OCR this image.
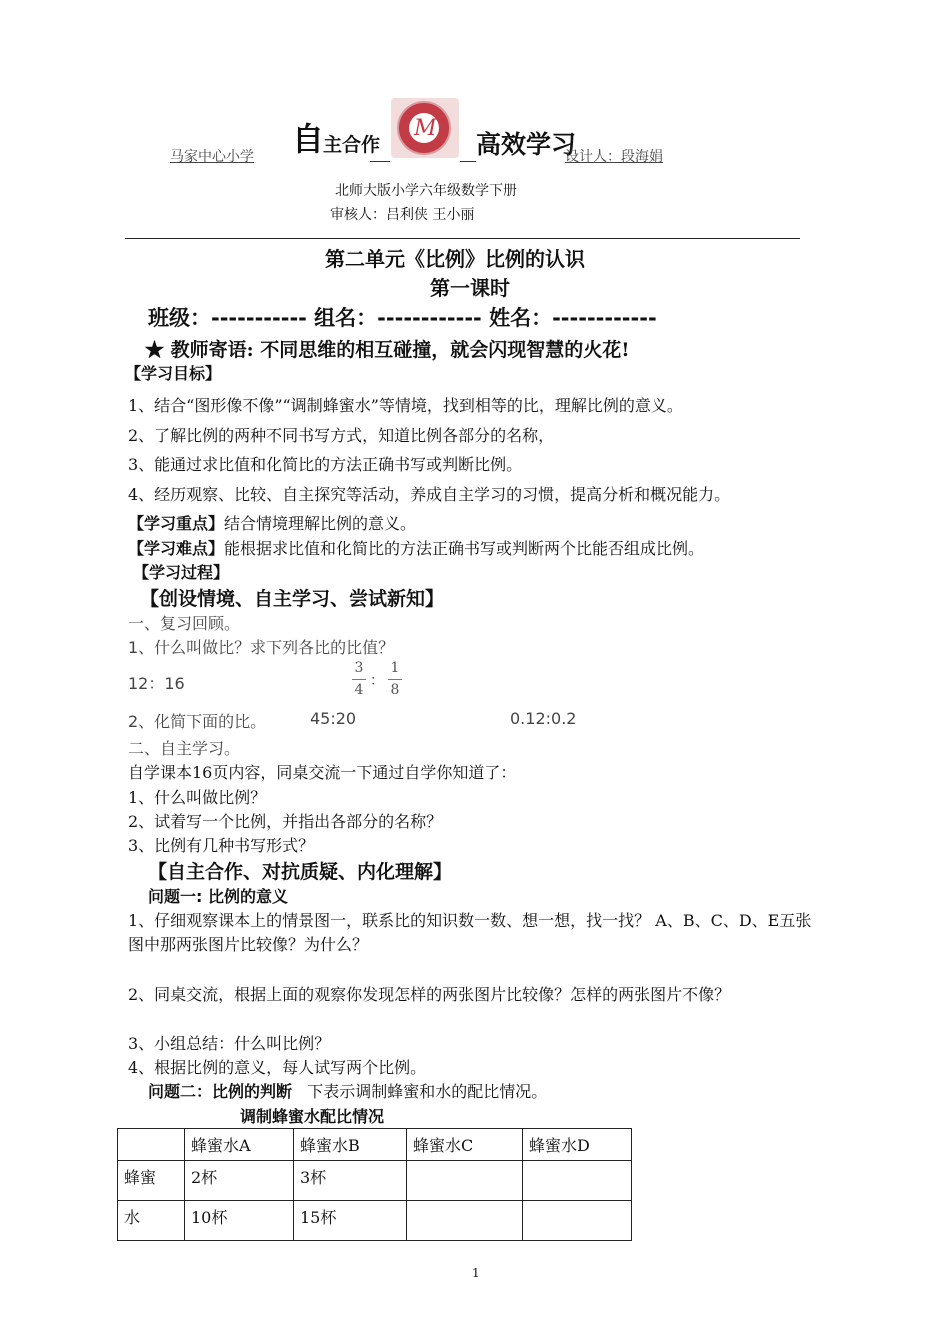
马家中心小学 自
主合作
M
高效学习
设计人：段海娟
北师大版小学六年级数学下册
审核人：吕利侠 王小丽
第二单元《比例》比例的认识
第一课时
班级：----------- 组名：------------ 姓名：------------
★ 教师寄语: 不同思维的相互碰撞，就会闪现智慧的火花!
【学习目标】
1、结合“图形像不像”“调制蜂蜜水”等情境，找到相等的比，理解比例的意义。
2、了解比例的两种不同书写方式，知道比例各部分的名称，
3、能通过求比值和化简比的方法正确书写或判断比例。
4、经历观察、比较、自主探究等活动，养成自主学习的习惯，提高分析和概况能力。
【学习重点】结合情境理解比例的意义。
【学习难点】能根据求比值和化简比的方法正确书写或判断两个比能否组成比例。
【学习过程】
【创设情境、自主学习、尝试新知】
一、复习回顾。
1、什么叫做比？求下列各比的比值？
12：16
3
4
：
1
8
2、化简下面的比。	45:20	0.12:0.2
二、自主学习。
自学课本16页内容，同桌交流一下通过自学你知道了：
1、什么叫做比例？
2、试着写一个比例，并指出各部分的名称？
3、比例有几种书写形式？
【自主合作、对抗质疑、内化理解】
问题一: 比例的意义
1、仔细观察课本上的情景图一，联系比的知识数一数、想一想，找一找？ A、B、C、D、E五张
图中那两张图片比较像？为什么？
2、同桌交流，根据上面的观察你发现怎样的两张图片比较像？怎样的两张图片不像？
3、小组总结：什么叫比例？
4、根据比例的意义，每人试写两个比例。
问题二：比例的判断 下表示调制蜂蜜和水的配比情况。
调制蜂蜜水配比情况
	蜂蜜水A	蜂蜜水B	蜂蜜水C	蜂蜜水D
蜂蜜	2杯	3杯		
水	10杯	15杯		
1
